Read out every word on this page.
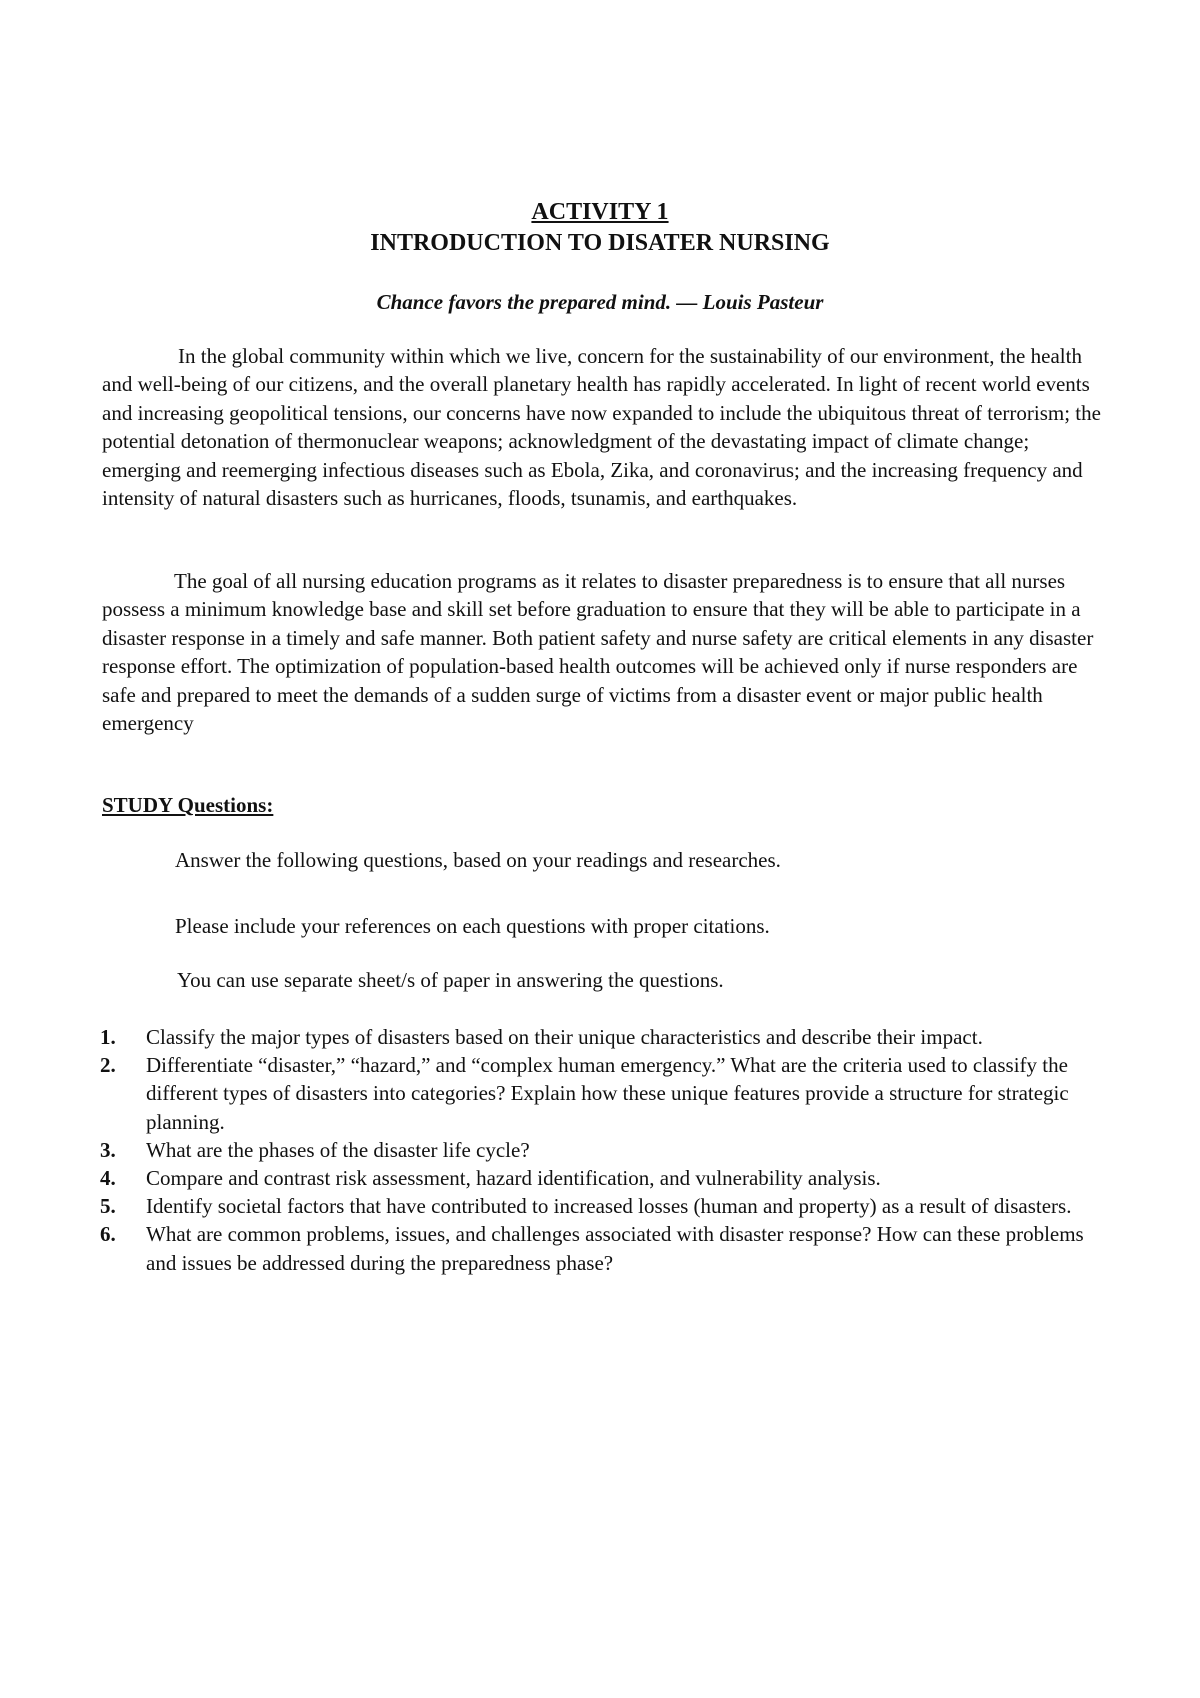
ACTIVITY 1
INTRODUCTION TO DISATER NURSING
Chance favors the prepared mind. — Louis Pasteur

In the global community within which we live, concern for the sustainability of our environment, the health and well-being of our citizens, and the overall planetary health has rapidly accelerated. In light of recent world events and increasing geopolitical tensions, our concerns have now expanded to include the ubiquitous threat of terrorism; the potential detonation of thermonuclear weapons; acknowledgment of the devastating impact of climate change; emerging and reemerging infectious diseases such as Ebola, Zika, and coronavirus; and the increasing frequency and intensity of natural disasters such as hurricanes, floods, tsunamis, and earthquakes.

The goal of all nursing education programs as it relates to disaster preparedness is to ensure that all nurses possess a minimum knowledge base and skill set before graduation to ensure that they will be able to participate in a disaster response in a timely and safe manner. Both patient safety and nurse safety are critical elements in any disaster response effort. The optimization of population-based health outcomes will be achieved only if nurse responders are safe and prepared to meet the demands of a sudden surge of victims from a disaster event or major public health emergency

STUDY Questions:
Answer the following questions, based on your readings and researches.
Please include your references on each questions with proper citations.
You can use separate sheet/s of paper in answering the questions.
1. Classify the major types of disasters based on their unique characteristics and describe their impact.
2. Differentiate “disaster,” “hazard,” and “complex human emergency.” What are the criteria used to classify the different types of disasters into categories? Explain how these unique features provide a structure for strategic planning.
3. What are the phases of the disaster life cycle?
4. Compare and contrast risk assessment, hazard identification, and vulnerability analysis.
5. Identify societal factors that have contributed to increased losses (human and property) as a result of disasters.
6. What are common problems, issues, and challenges associated with disaster response? How can these problems and issues be addressed during the preparedness phase?
